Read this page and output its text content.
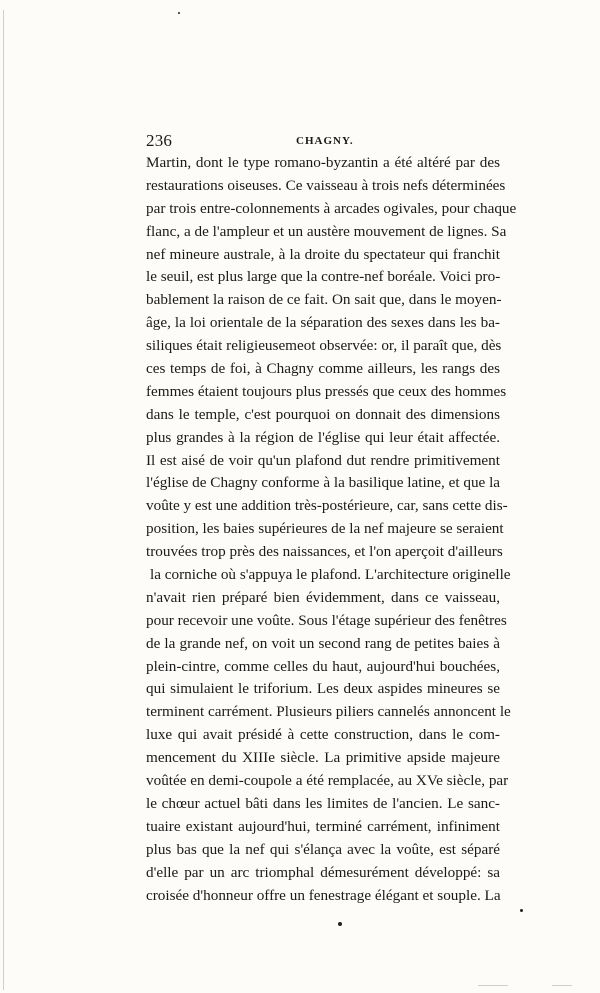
236	CHAGNY.
Martin, dont le type romano-byzantin a été altéré par des
restaurations oiseuses. Ce vaisseau à trois nefs déterminées
par trois entre-colonnements à arcades ogivales, pour chaque
flanc, a de l'ampleur et un austère mouvement de lignes. Sa
nef mineure australe, à la droite du spectateur qui franchit
le seuil, est plus large que la contre-nef boréale. Voici pro-
bablement la raison de ce fait. On sait que, dans le moyen-
âge, la loi orientale de la séparation des sexes dans les ba-
siliques était religieusemeot observée: or, il paraît que, dès
ces temps de foi, à Chagny comme ailleurs, les rangs des
femmes étaient toujours plus pressés que ceux des hommes
dans le temple, c'est pourquoi on donnait des dimensions
plus grandes à la région de l'église qui leur était affectée.
Il est aisé de voir qu'un plafond dut rendre primitivement
l'église de Chagny conforme à la basilique latine, et que la
voûte y est une addition très-postérieure, car, sans cette dis-
position, les baies supérieures de la nef majeure se seraient
trouvées trop près des naissances, et l'on aperçoit d'ailleurs
la corniche où s'appuya le plafond. L'architecture originelle
n'avait rien préparé bien évidemment, dans ce vaisseau,
pour recevoir une voûte. Sous l'étage supérieur des fenêtres
de la grande nef, on voit un second rang de petites baies à
plein-cintre, comme celles du haut, aujourd'hui bouchées,
qui simulaient le triforium. Les deux aspides mineures se
terminent carrément. Plusieurs piliers cannelés annoncent le
luxe qui avait présidé à cette construction, dans le com-
mencement du XIIIe siècle. La primitive apside majeure
voûtée en demi-coupole a été remplacée, au XVe siècle, par
le chœur actuel bâti dans les limites de l'ancien. Le sanc-
tuaire existant aujourd'hui, terminé carrément, infiniment
plus bas que la nef qui s'élança avec la voûte, est séparé
d'elle par un arc triomphal démesurément développé: sa
croisée d'honneur offre un fenestrage élégant et souple. La
